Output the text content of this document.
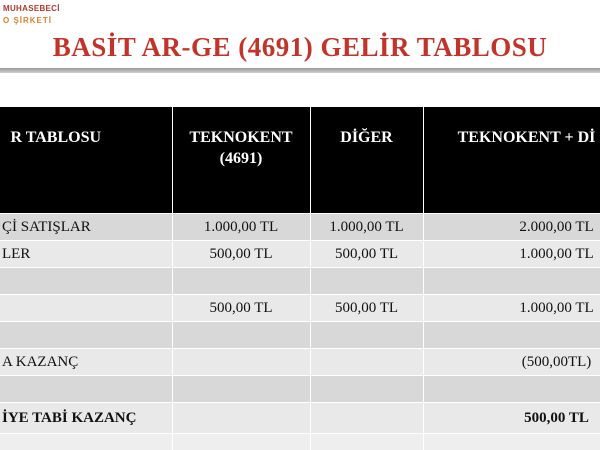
MUHASEBECİ
O ŞİRKETİ
BASİT AR-GE (4691) GELİR TABLOSU
R TABLOSU	TEKNOKENT (4691)	DİĞER	TEKNOKENT + Dİ
Çİ SATIŞLAR	1.000,00 TL	1.000,00 TL	2.000,00 TL
LER	500,00 TL	500,00 TL	1.000,00 TL

	500,00 TL	500,00 TL	1.000,00 TL

A KAZANÇ			(500,00TL)

İYE TABİ KAZANÇ			500,00 TL
